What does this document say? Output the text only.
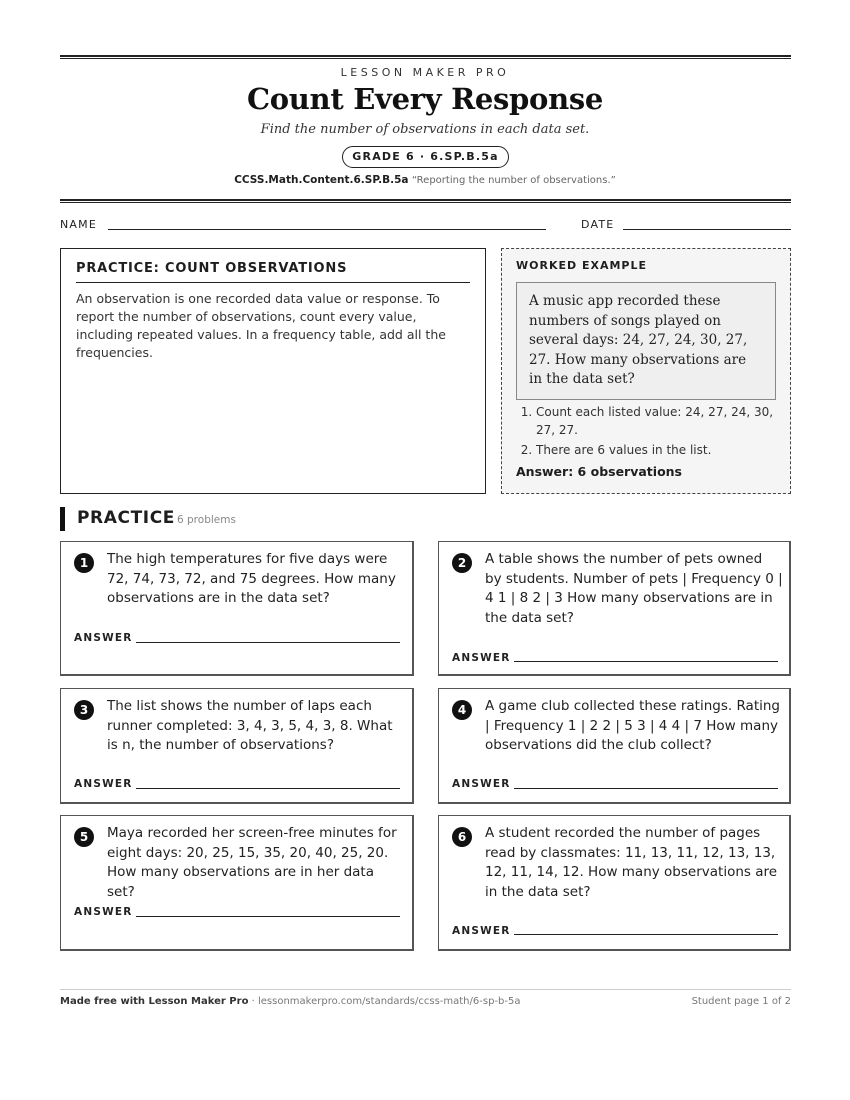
LESSON MAKER PRO
Count Every Response
Find the number of observations in each data set.
GRADE 6 · 6.SP.B.5a
CCSS.Math.Content.6.SP.B.5a “Reporting the number of observations.”
NAME	DATE
PRACTICE: COUNT OBSERVATIONS
An observation is one recorded data value or response. To report the number of observations, count every value, including repeated values. In a frequency table, add all the frequencies.
WORKED EXAMPLE
A music app recorded these numbers of songs played on several days: 24, 27, 24, 30, 27, 27. How many observations are in the data set?
1. Count each listed value: 24, 27, 24, 30, 27, 27.
2. There are 6 values in the list.
Answer: 6 observations
PRACTICE 6 problems
1	The high temperatures for five days were 72, 74, 73, 72, and 75 degrees. How many observations are in the data set?
ANSWER
2	A table shows the number of pets owned by students. Number of pets | Frequency 0 | 4 1 | 8 2 | 3 How many observations are in the data set?
ANSWER
3	The list shows the number of laps each runner completed: 3, 4, 3, 5, 4, 3, 8. What is n, the number of observations?
ANSWER
4	A game club collected these ratings. Rating | Frequency 1 | 2 2 | 5 3 | 4 4 | 7 How many observations did the club collect?
ANSWER
5	Maya recorded her screen-free minutes for eight days: 20, 25, 15, 35, 20, 40, 25, 20. How many observations are in her data set?
ANSWER
6	A student recorded the number of pages read by classmates: 11, 13, 11, 12, 13, 13, 12, 11, 14, 12. How many observations are in the data set?
ANSWER
Made free with Lesson Maker Pro · lessonmakerpro.com/standards/ccss-math/6-sp-b-5a	Student page 1 of 2
